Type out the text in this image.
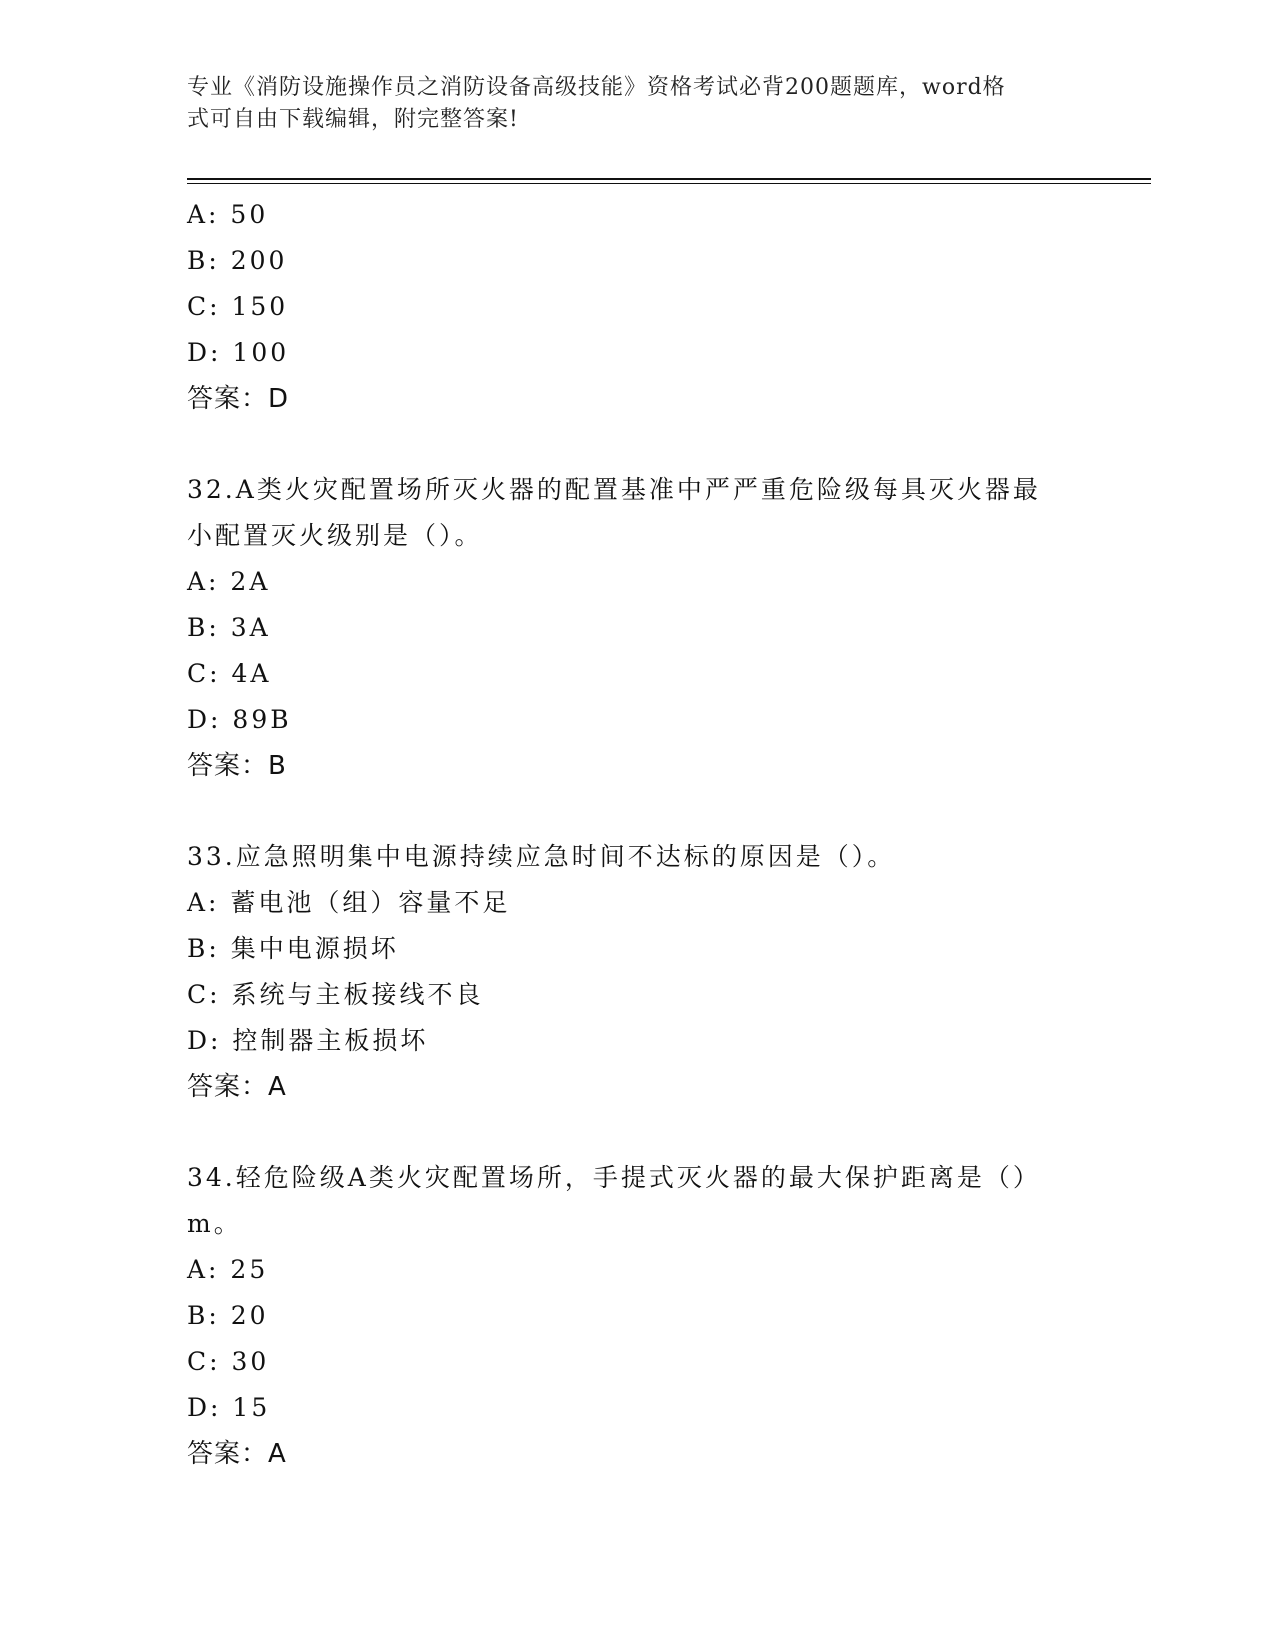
专业《消防设施操作员之消防设备高级技能》资格考试必背200题题库，word格
式可自由下载编辑，附完整答案!
A: 50
B: 200
C: 150
D: 100
答案：D
32.A类火灾配置场所灭火器的配置基准中严严重危险级每具灭火器最
小配置灭火级别是（）。
A: 2A
B: 3A
C: 4A
D: 89B
答案：B
33.应急照明集中电源持续应急时间不达标的原因是（）。
A: 蓄电池（组）容量不足
B: 集中电源损坏
C: 系统与主板接线不良
D: 控制器主板损坏
答案：A
34.轻危险级A类火灾配置场所，手提式灭火器的最大保护距离是（）
m。
A: 25
B: 20
C: 30
D: 15
答案：A
